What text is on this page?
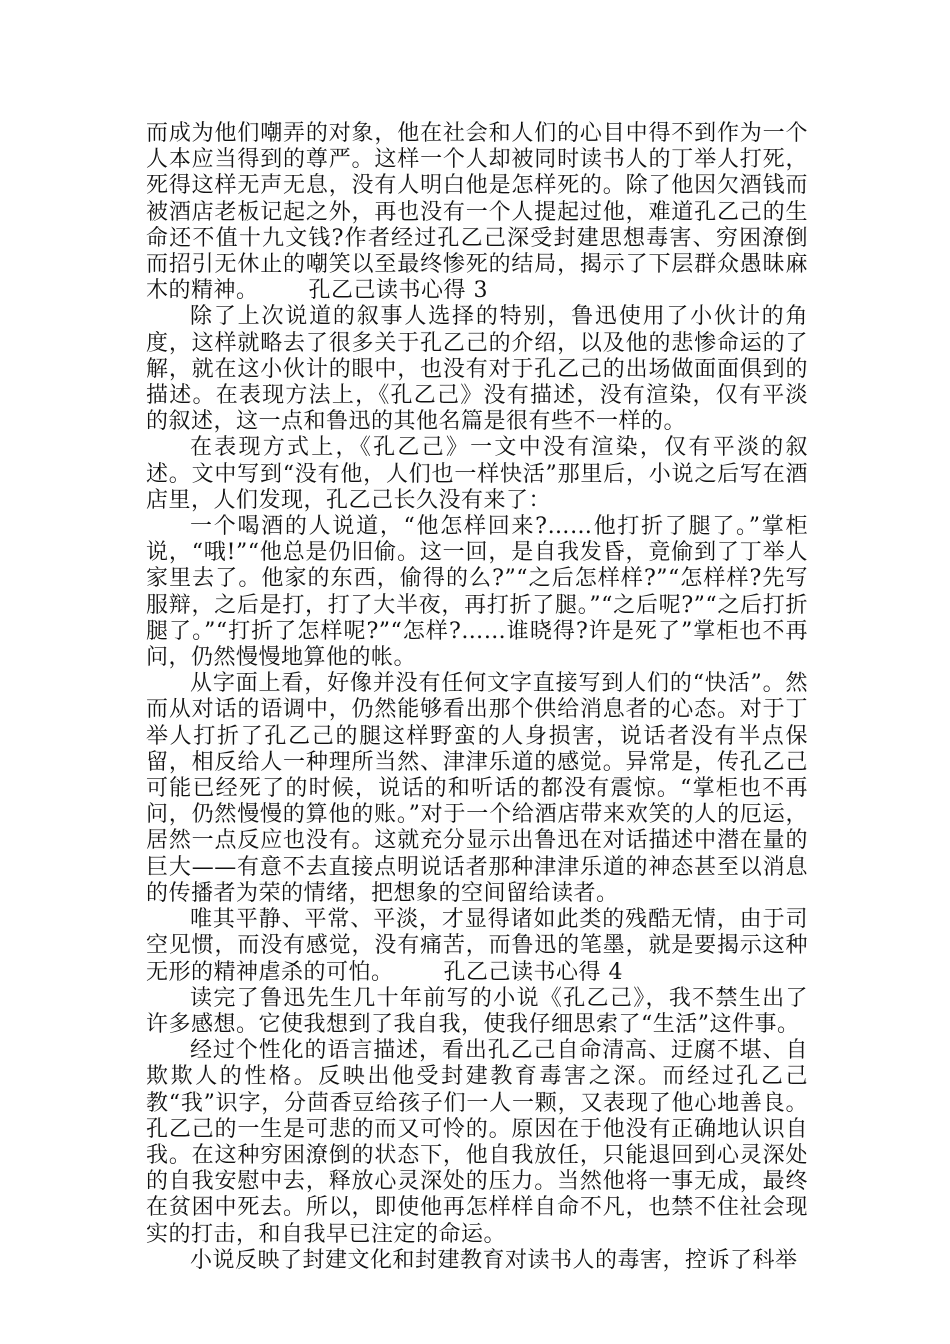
而成为他们嘲弄的对象，他在社会和人们的心目中得不到作为一个人本应当得到的尊严。这样一个人却被同时读书人的丁举人打死，死得这样无声无息，没有人明白他是怎样死的。除了他因欠酒钱而被酒店老板记起之外，再也没有一个人提起过他，难道孔乙己的生命还不值十九文钱?作者经过孔乙己深受封建思想毒害、穷困潦倒而招引无休止的嘲笑以至最终惨死的结局，揭示了下层群众愚昧麻木的精神。 孔乙己读书心得 3

除了上次说道的叙事人选择的特别，鲁迅使用了小伙计的角度，这样就略去了很多关于孔乙己的介绍，以及他的悲惨命运的了解，就在这小伙计的眼中，也没有对于孔乙己的出场做面面俱到的描述。在表现方法上，《孔乙己》没有描述，没有渲染，仅有平淡的叙述，这一点和鲁迅的其他名篇是很有些不一样的。

在表现方式上，《孔乙己》一文中没有渲染，仅有平淡的叙述。文中写到“没有他，人们也一样快活”那里后，小说之后写在酒店里，人们发现，孔乙己长久没有来了：

一个喝酒的人说道，“他怎样回来?……他打折了腿了。”掌柜说，“哦!”“他总是仍旧偷。这一回，是自我发昏，竟偷到了丁举人家里去了。他家的东西，偷得的么?”“之后怎样样?”“怎样样?先写服辩，之后是打，打了大半夜，再打折了腿。”“之后呢?”“之后打折腿了。”“打折了怎样呢?”“怎样?……谁晓得?许是死了”掌柜也不再问，仍然慢慢地算他的帐。

从字面上看，好像并没有任何文字直接写到人们的“快活”。然而从对话的语调中，仍然能够看出那个供给消息者的心态。对于丁举人打折了孔乙己的腿这样野蛮的人身损害，说话者没有半点保留，相反给人一种理所当然、津津乐道的感觉。异常是，传孔乙己可能已经死了的时候，说话的和听话的都没有震惊。“掌柜也不再问，仍然慢慢的算他的账。”对于一个给酒店带来欢笑的人的厄运，居然一点反应也没有。这就充分显示出鲁迅在对话描述中潜在量的巨大——有意不去直接点明说话者那种津津乐道的神态甚至以消息的传播者为荣的情绪，把想象的空间留给读者。

唯其平静、平常、平淡，才显得诸如此类的残酷无情，由于司空见惯，而没有感觉，没有痛苦，而鲁迅的笔墨，就是要揭示这种无形的精神虐杀的可怕。 孔乙己读书心得 4

读完了鲁迅先生几十年前写的小说《孔乙己》，我不禁生出了许多感想。它使我想到了我自我，使我仔细思索了“生活”这件事。

经过个性化的语言描述，看出孔乙己自命清高、迂腐不堪、自欺欺人的性格。反映出他受封建教育毒害之深。而经过孔乙己教“我”识字，分茴香豆给孩子们一人一颗，又表现了他心地善良。孔乙己的一生是可悲的而又可怜的。原因在于他没有正确地认识自我。在这种穷困潦倒的状态下，他自我放任，只能退回到心灵深处的自我安慰中去，释放心灵深处的压力。当然他将一事无成，最终在贫困中死去。所以，即使他再怎样样自命不凡，也禁不住社会现实的打击，和自我早已注定的命运。

小说反映了封建文化和封建教育对读书人的毒害，控诉了科举
